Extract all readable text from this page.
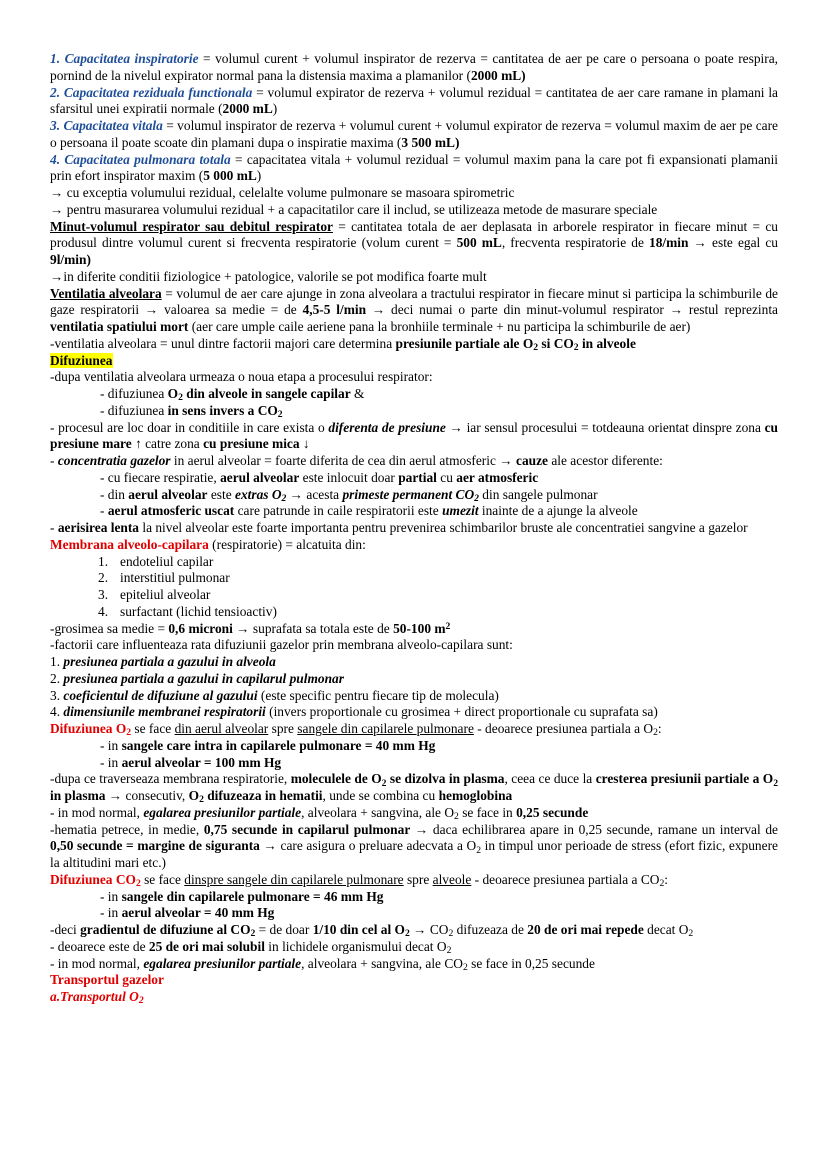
1. Capacitatea inspiratorie = volumul curent + volumul inspirator de rezerva = cantitatea de aer pe care o persoana o poate respira, pornind de la nivelul expirator normal pana la distensia maxima a plamanilor (2000 mL)

2. Capacitatea reziduala functionala = volumul expirator de rezerva + volumul rezidual = cantitatea de aer care ramane in plamani la sfarsitul unei expiratii normale (2000 mL)

3. Capacitatea vitala = volumul inspirator de rezerva + volumul curent + volumul expirator de rezerva = volumul maxim de aer pe care o persoana il poate scoate din plamani dupa o inspiratie maxima (3 500 mL)

4. Capacitatea pulmonara totala = capacitatea vitala + volumul rezidual = volumul maxim pana la care pot fi expansionati plamanii prin efort inspirator maxim (5 000 mL)

→ cu exceptia volumului rezidual, celelalte volume pulmonare se masoara spirometric

→ pentru masurarea volumului rezidual + a capacitatilor care il includ, se utilizeaza metode de masurare speciale

Minut-volumul respirator sau debitul respirator = cantitatea totala de aer deplasata in arborele respirator in fiecare minut = cu produsul dintre volumul curent si frecventa respiratorie (volum curent = 500 mL, frecventa respiratorie de 18/min → este egal cu 9l/min)

→in diferite conditii fiziologice + patologice, valorile se pot modifica foarte mult

Ventilatia alveolara = volumul de aer care ajunge in zona alveolara a tractului respirator in fiecare minut si participa la schimburile de gaze respiratorii → valoarea sa medie = de 4,5-5 l/min → deci numai o parte din minut-volumul respirator → restul reprezinta ventilatia spatiului mort (aer care umple caile aeriene pana la bronhiile terminale + nu participa la schimburile de aer)

-ventilatia alveolara = unul dintre factorii majori care determina presiunile partiale ale $O_2$ si $CO_2$ in alveole

Difuziunea

-dupa ventilatia alveolara urmeaza o noua etapa a procesului respirator:

- difuziunea $O_2$ din alveole in sangele capilar &

- difuziunea in sens invers a $CO_2$

- procesul are loc doar in conditiile in care exista o diferenta de presiune → iar sensul procesului = totdeauna orientat dinspre zona cu presiune mare ↑ catre zona cu presiune mica ↓

- concentratia gazelor in aerul alveolar = foarte diferita de cea din aerul atmosferic → cauze ale acestor diferente:

- cu fiecare respiratie, aerul alveolar este inlocuit doar partial cu aer atmosferic

- din aerul alveolar este extras $O_2$ → acesta primeste permanent $CO_2$ din sangele pulmonar

- aerul atmosferic uscat care patrunde in caile respiratorii este umezit inainte de a ajunge la alveole

- aerisirea lenta la nivel alveolar este foarte importanta pentru prevenirea schimbarilor bruste ale concentratiei sangvine a gazelor

Membrana alveolo-capilara (respiratorie) = alcatuita din:

1. endoteliul capilar
2. interstitiul pulmonar
3. epiteliul alveolar
4. surfactant (lichid tensioactiv)

-grosimea sa medie = 0,6 microni → suprafata sa totala este de 50-100 $m^2$

-factorii care influenteaza rata difuziunii gazelor prin membrana alveolo-capilara sunt:

1. presiunea partiala a gazului in alveola

2. presiunea partiala a gazului in capilarul pulmonar

3. coeficientul de difuziune al gazului (este specific pentru fiecare tip de molecula)

4. dimensiunile membranei respiratorii (invers proportionale cu grosimea + direct proportionale cu suprafata sa)

Difuziunea $O_2$ se face din aerul alveolar spre sangele din capilarele pulmonare - deoarece presiunea partiala a $O_2$:

- in sangele care intra in capilarele pulmonare = 40 mm Hg

- in aerul alveolar = 100 mm Hg

-dupa ce traverseaza membrana respiratorie, moleculele de $O_2$ se dizolva in plasma, ceea ce duce la cresterea presiunii partiale a $O_2$ in plasma → consecutiv, $O_2$ difuzeaza in hematii, unde se combina cu hemoglobina

- in mod normal, egalarea presiunilor partiale, alveolara + sangvina, ale $O_2$ se face in 0,25 secunde

-hematia petrece, in medie, 0,75 secunde in capilarul pulmonar → daca echilibrarea apare in 0,25 secunde, ramane un interval de 0,50 secunde = margine de siguranta → care asigura o preluare adecvata a $O_2$ in timpul unor perioade de stress (efort fizic, expunere la altitudini mari etc.)

Difuziunea $CO_2$ se face dinspre sangele din capilarele pulmonare spre alveole - deoarece presiunea partiala a $CO_2$:

- in sangele din capilarele pulmonare = 46 mm Hg

- in aerul alveolar = 40 mm Hg

-deci gradientul de difuziune al $CO_2$ = de doar 1/10 din cel al $O_2 \to CO_2$ difuzeaza de 20 de ori mai repede decat $O_2$

- deoarece este de 25 de ori mai solubil in lichidele organismului decat $O_2$

- in mod normal, egalarea presiunilor partiale, alveolara + sangvina, ale $CO_2$ se face in 0,25 secunde

Transportul gazelor

a.Transportul $O_2$
